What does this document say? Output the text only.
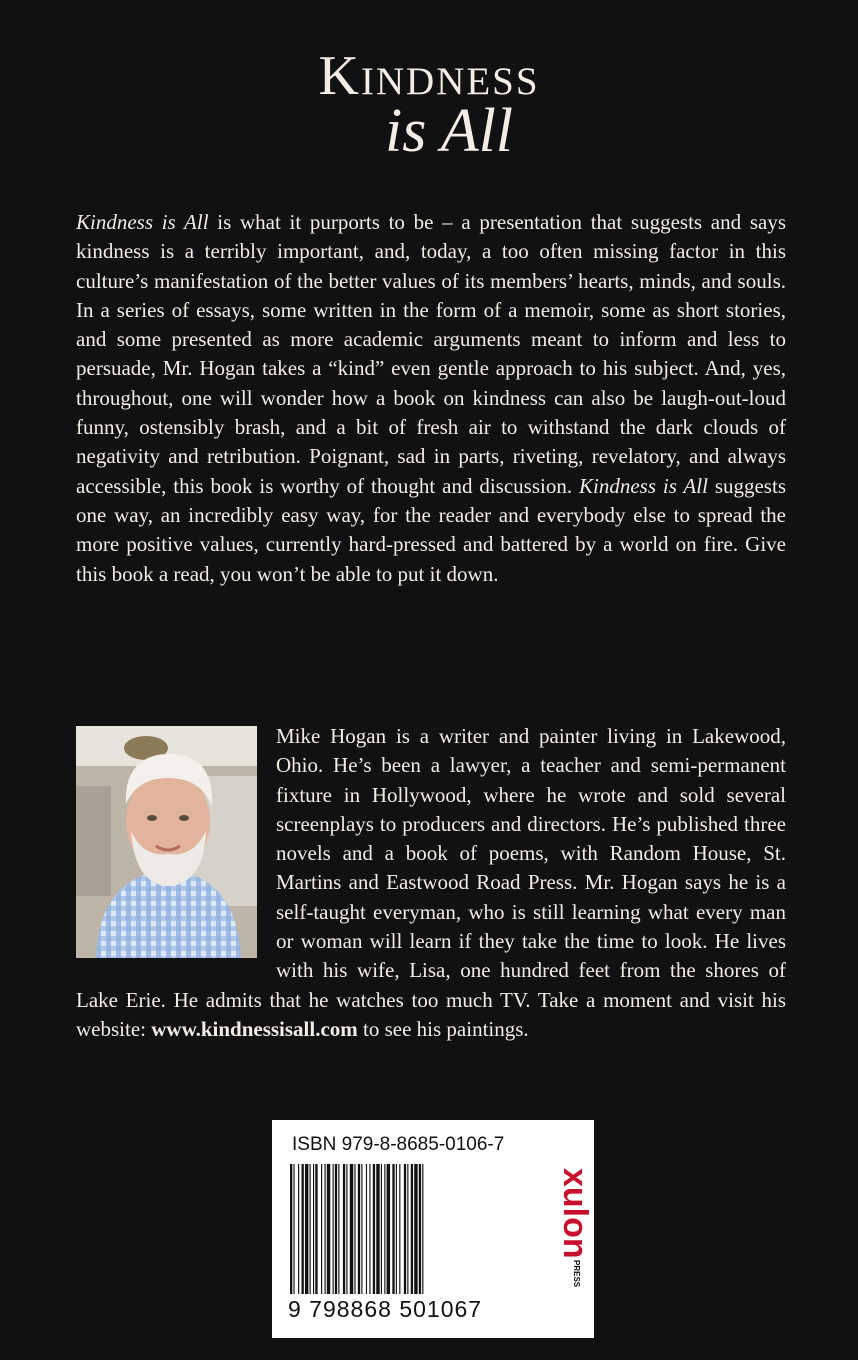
Kindness
is All

Kindness is All is what it purports to be – a presentation that suggests and says kindness is a terribly important, and, today, a too often missing factor in this culture’s manifestation of the better values of its members’ hearts, minds, and souls. In a series of essays, some written in the form of a memoir, some as short stories, and some presented as more academic arguments meant to inform and less to persuade, Mr. Hogan takes a “kind” even gentle approach to his subject. And, yes, throughout, one will wonder how a book on kindness can also be laugh-out-loud funny, ostensibly brash, and a bit of fresh air to withstand the dark clouds of negativity and retribution. Poignant, sad in parts, riveting, revelatory, and always accessible, this book is worthy of thought and discussion. Kindness is All suggests one way, an incredibly easy way, for the reader and everybody else to spread the more positive values, currently hard-pressed and battered by a world on fire. Give this book a read, you won’t be able to put it down.

Mike Hogan is a writer and painter living in Lakewood, Ohio. He’s been a lawyer, a teacher and semi-permanent fixture in Hollywood, where he wrote and sold several screenplays to producers and directors. He’s published three novels and a book of poems, with Random House, St. Martins and Eastwood Road Press. Mr. Hogan says he is a self-taught everyman, who is still learning what every man or woman will learn if they take the time to look. He lives with his wife, Lisa, one hundred feet from the shores of Lake Erie. He admits that he watches too much TV. Take a moment and visit his website: www.kindnessisall.com to see his paintings.

ISBN 979-8-8685-0106-7
9 798868 501067
xulon
PRESS
